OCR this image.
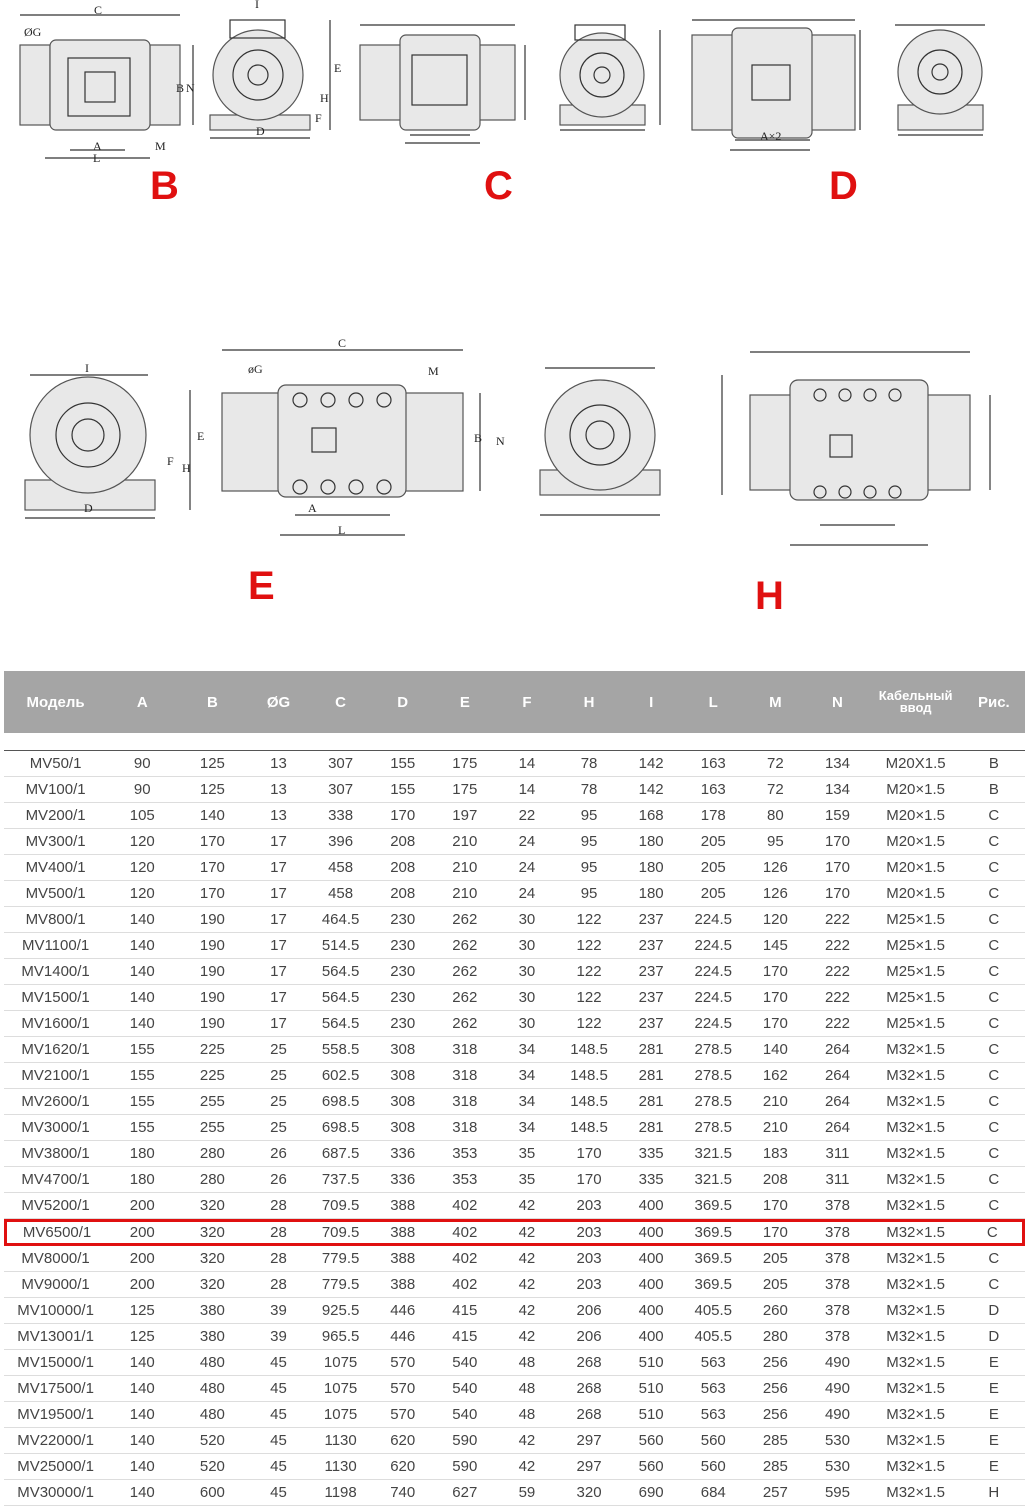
C
ØG
B N
A
L
M
I
E
H
F
D	A×2
øG
C
M
I
E
F H
D	A
L
B N
B	C	D
E	H
Модель	A	B	ØG	C	D	E	F	H	I	L	M	N	Кабельный ввод	Рис.

MV50/1	90	125	13	307	155	175	14	78	142	163	72	134	M20X1.5	B
MV100/1	90	125	13	307	155	175	14	78	142	163	72	134	M20×1.5	B
MV200/1	105	140	13	338	170	197	22	95	168	178	80	159	M20×1.5	C
MV300/1	120	170	17	396	208	210	24	95	180	205	95	170	M20×1.5	C
MV400/1	120	170	17	458	208	210	24	95	180	205	126	170	M20×1.5	C
MV500/1	120	170	17	458	208	210	24	95	180	205	126	170	M20×1.5	C
MV800/1	140	190	17	464.5	230	262	30	122	237	224.5	120	222	M25×1.5	C
MV1100/1	140	190	17	514.5	230	262	30	122	237	224.5	145	222	M25×1.5	C
MV1400/1	140	190	17	564.5	230	262	30	122	237	224.5	170	222	M25×1.5	C
MV1500/1	140	190	17	564.5	230	262	30	122	237	224.5	170	222	M25×1.5	C
MV1600/1	140	190	17	564.5	230	262	30	122	237	224.5	170	222	M25×1.5	C
MV1620/1	155	225	25	558.5	308	318	34	148.5	281	278.5	140	264	M32×1.5	C
MV2100/1	155	225	25	602.5	308	318	34	148.5	281	278.5	162	264	M32×1.5	C
MV2600/1	155	255	25	698.5	308	318	34	148.5	281	278.5	210	264	M32×1.5	C
MV3000/1	155	255	25	698.5	308	318	34	148.5	281	278.5	210	264	M32×1.5	C
MV3800/1	180	280	26	687.5	336	353	35	170	335	321.5	183	311	M32×1.5	C
MV4700/1	180	280	26	737.5	336	353	35	170	335	321.5	208	311	M32×1.5	C
MV5200/1	200	320	28	709.5	388	402	42	203	400	369.5	170	378	M32×1.5	C
MV6500/1	200	320	28	709.5	388	402	42	203	400	369.5	170	378	M32×1.5	C
MV8000/1	200	320	28	779.5	388	402	42	203	400	369.5	205	378	M32×1.5	C
MV9000/1	200	320	28	779.5	388	402	42	203	400	369.5	205	378	M32×1.5	C
MV10000/1	125	380	39	925.5	446	415	42	206	400	405.5	260	378	M32×1.5	D
MV13001/1	125	380	39	965.5	446	415	42	206	400	405.5	280	378	M32×1.5	D
MV15000/1	140	480	45	1075	570	540	48	268	510	563	256	490	M32×1.5	E
MV17500/1	140	480	45	1075	570	540	48	268	510	563	256	490	M32×1.5	E
MV19500/1	140	480	45	1075	570	540	48	268	510	563	256	490	M32×1.5	E
MV22000/1	140	520	45	1130	620	590	42	297	560	560	285	530	M32×1.5	E
MV25000/1	140	520	45	1130	620	590	42	297	560	560	285	530	M32×1.5	E
MV30000/1	140	600	45	1198	740	627	59	320	690	684	257	595	M32×1.5	H
